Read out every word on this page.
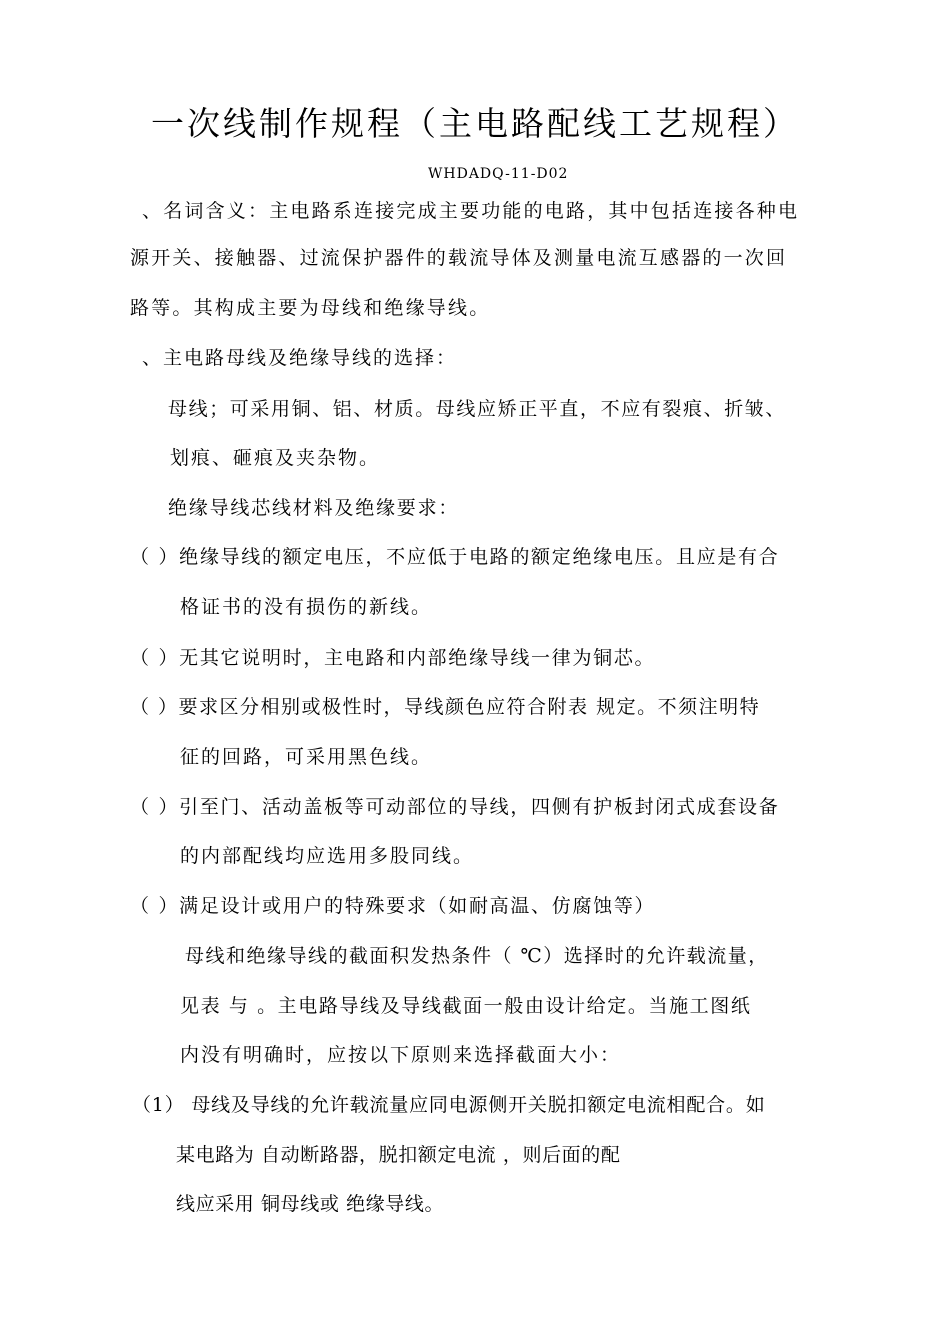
一次线制作规程（主电路配线工艺规程）
WHDADQ-11-D02
、名词含义：主电路系连接完成主要功能的电路，其中包括连接各种电
源开关、接触器、过流保护器件的载流导体及测量电流互感器的一次回
路等。其构成主要为母线和绝缘导线。
、主电路母线及绝缘导线的选择：
母线；可采用铜、铝、材质。母线应矫正平直，不应有裂痕、折皱、
划痕、砸痕及夹杂物。
绝缘导线芯线材料及绝缘要求：
（ ）绝缘导线的额定电压，不应低于电路的额定绝缘电压。且应是有合
格证书的没有损伤的新线。
（ ）无其它说明时，主电路和内部绝缘导线一律为铜芯。
（ ）要求区分相别或极性时，导线颜色应符合附表 规定。不须注明特
征的回路，可采用黑色线。
（ ）引至门、活动盖板等可动部位的导线，四侧有护板封闭式成套设备
的内部配线均应选用多股同线。
（ ）满足设计或用户的特殊要求（如耐高温、仿腐蚀等）
母线和绝缘导线的截面积发热条件（ ℃）选择时的允许载流量，
见表 与 。主电路导线及导线截面一般由设计给定。当施工图纸
内没有明确时，应按以下原则来选择截面大小：
（1） 母线及导线的允许载流量应同电源侧开关脱扣额定电流相配合。如
某电路为 自动断路器，脱扣额定电流 ，则后面的配
线应采用 铜母线或 绝缘导线。
